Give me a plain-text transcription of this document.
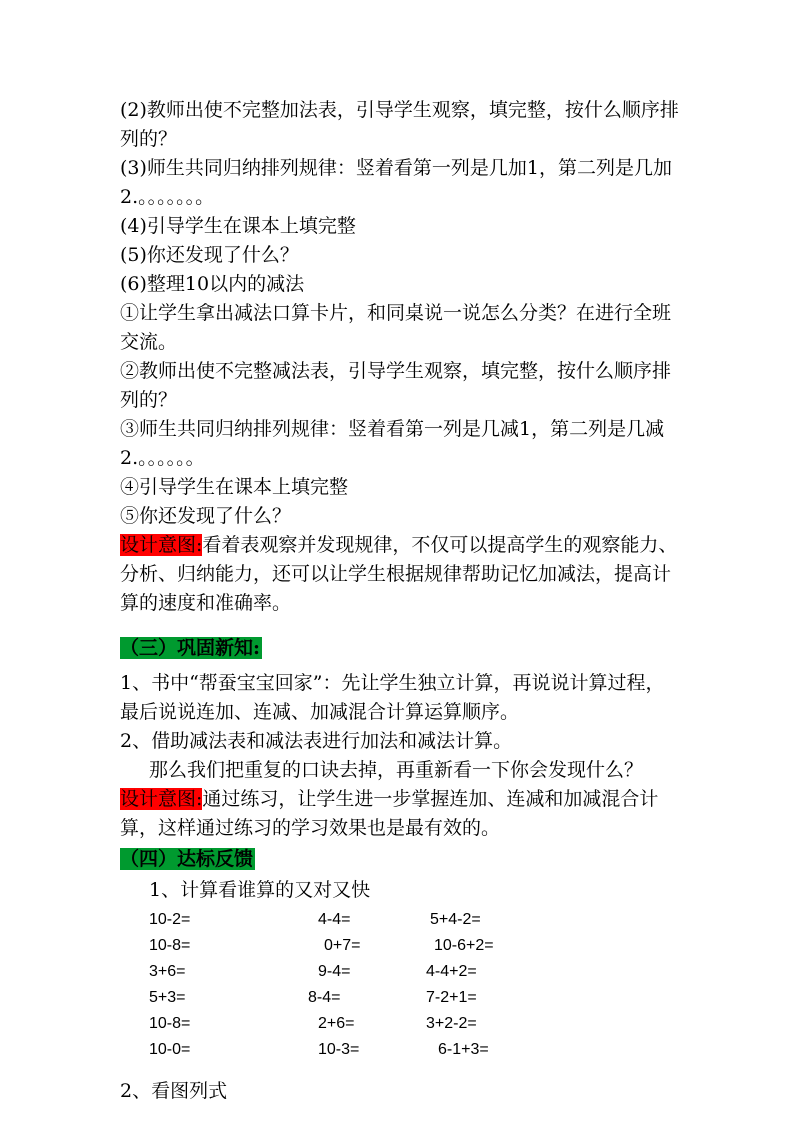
(2)教师出使不完整加法表，引导学生观察，填完整，按什么顺序排列的？

(3)师生共同归纳排列规律：竖着看第一列是几加1，第二列是几加2.。。。。。。。

(4)引导学生在课本上填完整

(5)你还发现了什么？

(6)整理10以内的减法

①让学生拿出减法口算卡片，和同桌说一说怎么分类？在进行全班交流。

②教师出使不完整减法表，引导学生观察，填完整，按什么顺序排列的？

③师生共同归纳排列规律：竖着看第一列是几减1，第二列是几减2.。。。。。。

④引导学生在课本上填完整

⑤你还发现了什么？

设计意图:看着表观察并发现规律，不仅可以提高学生的观察能力、分析、归纳能力，还可以让学生根据规律帮助记忆加减法，提高计算的速度和准确率。

（三）巩固新知:

1、书中“帮蚕宝宝回家”：先让学生独立计算，再说说计算过程，最后说说连加、连减、加减混合计算运算顺序。

2、借助减法表和减法表进行加法和减法计算。

那么我们把重复的口诀去掉，再重新看一下你会发现什么？

设计意图:通过练习，让学生进一步掌握连加、连减和加减混合计算，这样通过练习的学习效果也是最有效的。

（四）达标反馈

1、计算看谁算的又对又快

10-2=	4-4=	5+4-2=
10-8=	0+7=	10-6+2=
3+6=	9-4=	4-4+2=
5+3=	8-4=	7-2+1=
10-8=	2+6=	3+2-2=
10-0=	10-3=	6-1+3=

2、看图列式
